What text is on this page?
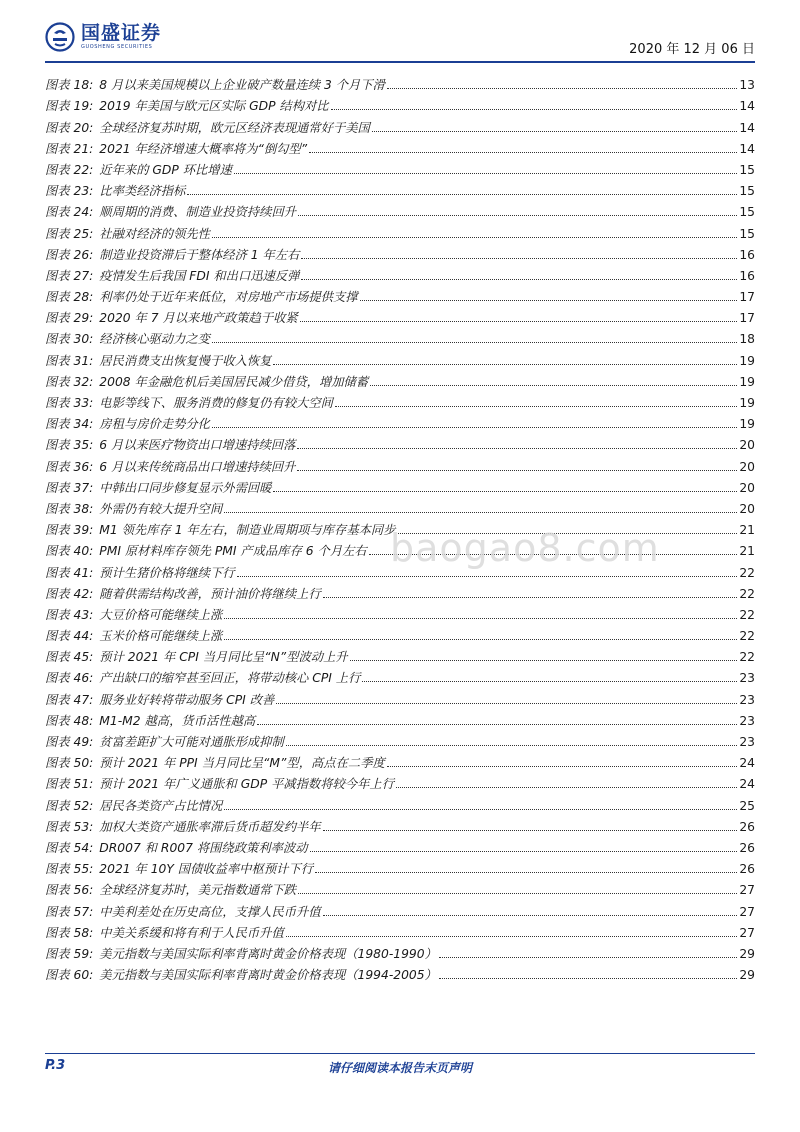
国盛证券
GUOSHENG SECURITIES	2020 年 12 月 06 日
图表 18: 8 月以来美国规模以上企业破产数量连续 3 个月下滑	13
图表 19: 2019 年美国与欧元区实际 GDP 结构对比	14
图表 20: 全球经济复苏时期，欧元区经济表现通常好于美国	14
图表 21: 2021 年经济增速大概率将为“倒勾型”	14
图表 22: 近年来的 GDP 环比增速	15
图表 23: 比率类经济指标	15
图表 24: 顺周期的消费、制造业投资持续回升	15
图表 25: 社融对经济的领先性	15
图表 26: 制造业投资滞后于整体经济 1 年左右	16
图表 27: 疫情发生后我国 FDI 和出口迅速反弹	16
图表 28: 利率仍处于近年来低位，对房地产市场提供支撑	17
图表 29: 2020 年 7 月以来地产政策趋于收紧	17
图表 30: 经济核心驱动力之变	18
图表 31: 居民消费支出恢复慢于收入恢复	19
图表 32: 2008 年金融危机后美国居民减少借贷，增加储蓄	19
图表 33: 电影等线下、服务消费的修复仍有较大空间	19
图表 34: 房租与房价走势分化	19
图表 35: 6 月以来医疗物资出口增速持续回落	20
图表 36: 6 月以来传统商品出口增速持续回升	20
图表 37: 中韩出口同步修复显示外需回暖	20
图表 38: 外需仍有较大提升空间	20
图表 39: M1 领先库存 1 年左右，制造业周期项与库存基本同步	21
图表 40: PMI 原材料库存领先 PMI 产成品库存 6 个月左右	21
图表 41: 预计生猪价格将继续下行	22
图表 42: 随着供需结构改善，预计油价将继续上行	22
图表 43: 大豆价格可能继续上涨	22
图表 44: 玉米价格可能继续上涨	22
图表 45: 预计 2021 年 CPI 当月同比呈“N”型波动上升	22
图表 46: 产出缺口的缩窄甚至回正，将带动核心 CPI 上行	23
图表 47: 服务业好转将带动服务 CPI 改善	23
图表 48: M1-M2 越高，货币活性越高	23
图表 49: 贫富差距扩大可能对通胀形成抑制	23
图表 50: 预计 2021 年 PPI 当月同比呈“M”型，高点在二季度	24
图表 51: 预计 2021 年广义通胀和 GDP 平减指数将较今年上行	24
图表 52: 居民各类资产占比情况	25
图表 53: 加权大类资产通胀率滞后货币超发约半年	26
图表 54: DR007 和 R007 将围绕政策利率波动	26
图表 55: 2021 年 10Y 国债收益率中枢预计下行	26
图表 56: 全球经济复苏时，美元指数通常下跌	27
图表 57: 中美利差处在历史高位，支撑人民币升值	27
图表 58: 中美关系缓和将有利于人民币升值	27
图表 59: 美元指数与美国实际利率背离时黄金价格表现（1980-1990）	29
图表 60: 美元指数与美国实际利率背离时黄金价格表现（1994-2005）	29
baogao8.com
P.3	请仔细阅读本报告末页声明
